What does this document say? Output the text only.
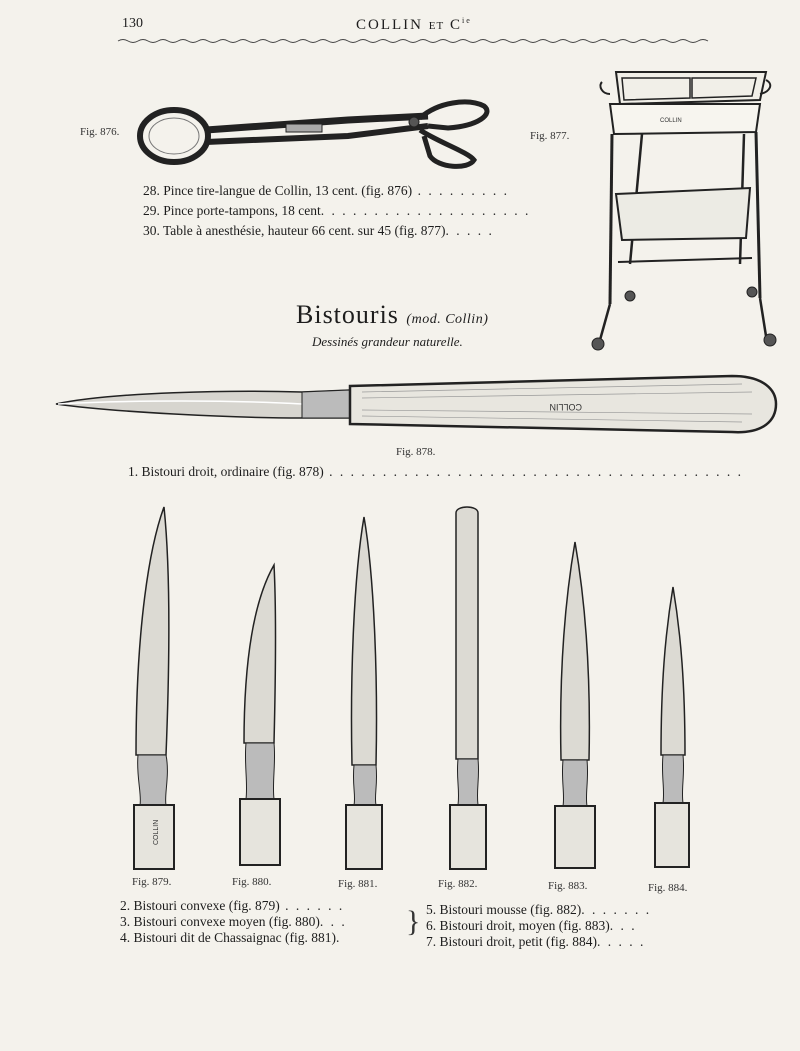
130	COLLIN ET $C^{ie}$
Fig. 876.	Fig. 877.
COLLIN
28. Pince tire-langue de Collin, 13 cent. (fig. 876) . . . . . . . . .
29. Pince porte-tampons, 18 cent. . . . . . . . . . . . . . . . . . . .
30. Table à anesthésie, hauteur 66 cent. sur 45 (fig. 877). . . . .
Bistouris (mod. Collin)
Dessinés grandeur naturelle.
COLLIN
Fig. 878.
1. Bistouri droit, ordinaire (fig. 878) . . . . . . . . . . . . . . . . . . . . . . . . . . . . . . . . . . . . . . .
COLLIN
Fig. 879.	Fig. 880.	Fig. 881.	Fig. 882.	Fig. 883.	Fig. 884.
2. Bistouri convexe (fig. 879) . . . . . .
3. Bistouri convexe moyen (fig. 880). . .
4. Bistouri dit de Chassaignac (fig. 881). } 5. Bistouri mousse (fig. 882). . . . . . .
6. Bistouri droit, moyen (fig. 883). . .
7. Bistouri droit, petit (fig. 884). . . . .
